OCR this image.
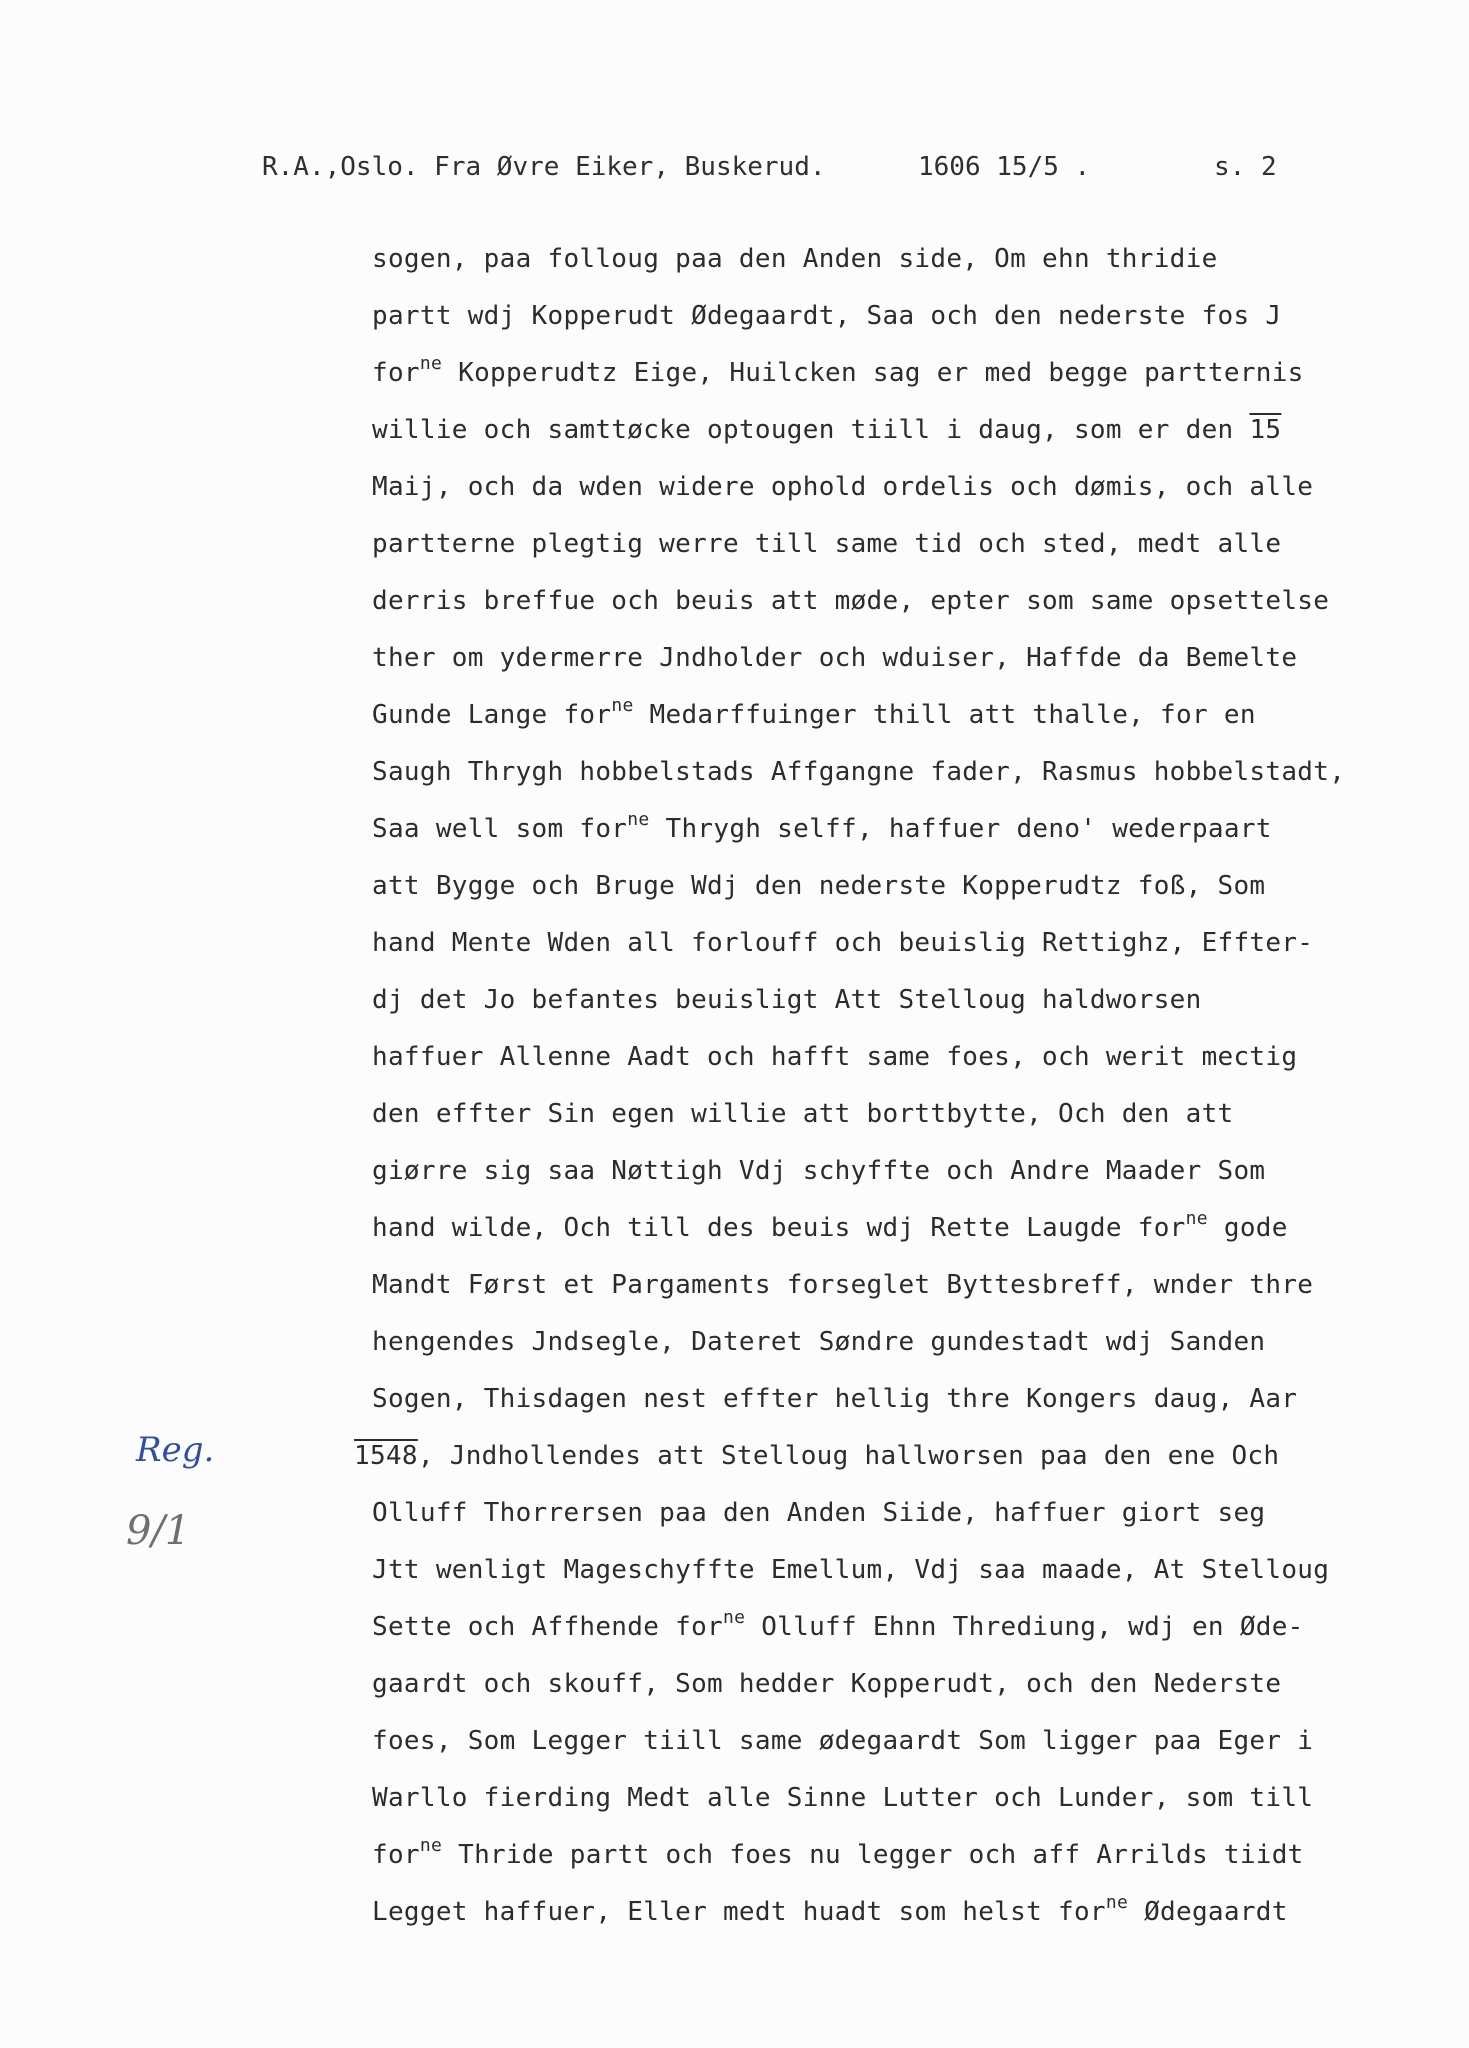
R.A.,Oslo. Fra Øvre Eiker, Buskerud.	1606 15/5 .	s. 2
sogen, paa folloug paa den Anden side, Om ehn thridie
partt wdj Kopperudt Ødegaardt, Saa och den nederste fos J
for$^{ne}$ Kopperudtz Eige, Huilcken sag er med begge partternis
willie och samttøcke optougen tiill i daug, som er den 15
Maij, och da wden widere ophold ordelis och dømis, och alle
partterne plegtig werre till same tid och sted, medt alle
derris breffue och beuis att møde, epter som same opsettelse
ther om ydermerre Jndholder och wduiser, Haffde da Bemelte
Gunde Lange for$^{ne}$ Medarffuinger thill att thalle, for en
Saugh Thrygh hobbelstads Affgangne fader, Rasmus hobbelstadt,
Saa well som for$^{ne}$ Thrygh selff, haffuer deno' wederpaart
att Bygge och Bruge Wdj den nederste Kopperudtz foß, Som
hand Mente Wden all forlouff och beuislig Rettighz, Effter-
dj det Jo befantes beuisligt Att Stelloug haldworsen
haffuer Allenne Aadt och hafft same foes, och werit mectig
den effter Sin egen willie att borttbytte, Och den att
giørre sig saa Nøttigh Vdj schyffte och Andre Maader Som
hand wilde, Och till des beuis wdj Rette Laugde for$^{ne}$ gode
Mandt Først et Pargaments forseglet Byttesbreff, wnder thre
hengendes Jndsegle, Dateret Søndre gundestadt wdj Sanden
Sogen, Thisdagen nest effter hellig thre Kongers daug, Aar
1548, Jndhollendes att Stelloug hallworsen paa den ene Och
Olluff Thorrersen paa den Anden Siide, haffuer giort seg
Jtt wenligt Mageschyffte Emellum, Vdj saa maade, At Stelloug
Sette och Affhende for$^{ne}$ Olluff Ehnn Thrediung, wdj en Øde-
gaardt och skouff, Som hedder Kopperudt, och den Nederste
foes, Som Legger tiill same ødegaardt Som ligger paa Eger i
Warllo fierding Medt alle Sinne Lutter och Lunder, som till
for$^{ne}$ Thride partt och foes nu legger och aff Arrilds tiidt
Legget haffuer, Eller medt huadt som helst for$^{ne}$ Ødegaardt
Reg.
9/1
